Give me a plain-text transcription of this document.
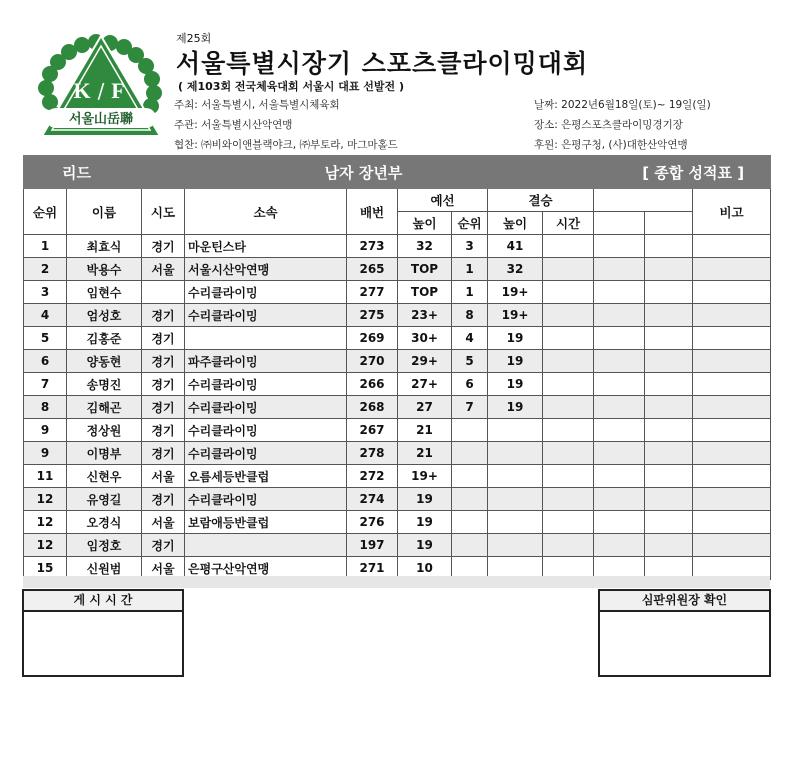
K / F
서울山岳聯
제25회
서울특별시장기 스포츠클라이밍대회
( 제103회 전국체육대회 서울시 대표 선발전 )
주최: 서울특별시, 서울특별시체육회
주관: 서울특별시산악연맹
협찬: ㈜비와이앤블랙야크, ㈜부토라, 마그마홀드
날짜: 2022년6월18일(토)~ 19일(일)
장소: 은평스포츠클라이밍경기장
후원: 은평구청, (사)대한산악연맹
리드			남자 장년부					[ 종합 성적표 ]			
순위	이름	시도	소속	배번	예선		결승				비고
					높이	순위	높이	시간			
1	최효식	경기	마운틴스타	273	32	3	41				
2	박용수	서울	서울시산악연맹	265	TOP	1	32				
3	임현수		수리클라이밍	277	TOP	1	19+				
4	엄성호	경기	수리클라이밍	275	23+	8	19+				
5	김홍준	경기		269	30+	4	19				
6	양동현	경기	파주클라이밍	270	29+	5	19				
7	송명진	경기	수리클라이밍	266	27+	6	19				
8	김해곤	경기	수리클라이밍	268	27	7	19				
9	정상원	경기	수리클라이밍	267	21						
9	이명부	경기	수리클라이밍	278	21						
11	신현우	서울	오름세등반클럽	272	19+						
12	유영길	경기	수리클라이밍	274	19						
12	오경식	서울	보람애등반클럽	276	19						
12	임정호	경기		197	19						
15	신원범	서울	은평구산악연맹	271	10						
게 시 시 간	심판위원장 확인
